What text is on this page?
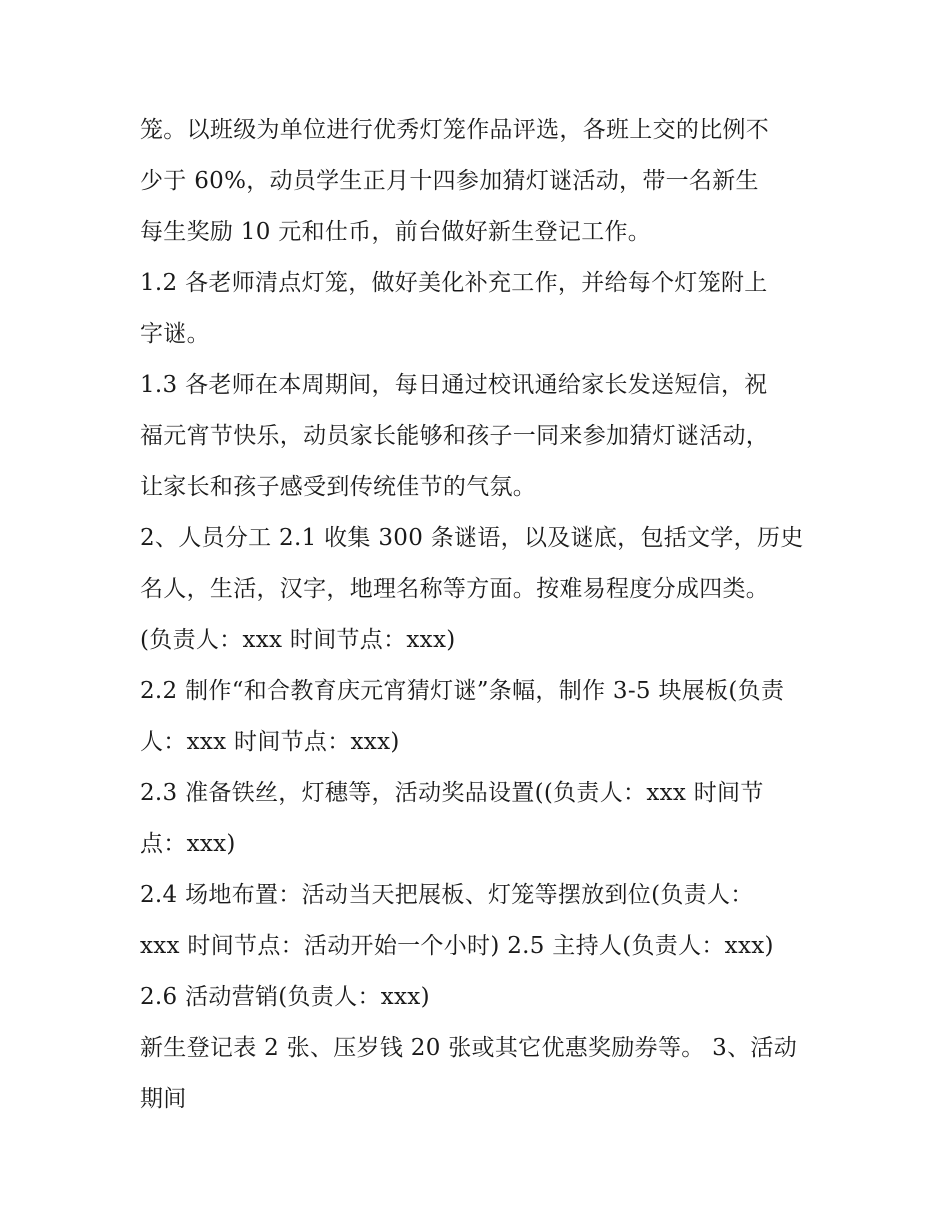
笼。以班级为单位进行优秀灯笼作品评选，各班上交的比例不
少于 60%，动员学生正月十四参加猜灯谜活动，带一名新生
每生奖励 10 元和仕币，前台做好新生登记工作。
1.2 各老师清点灯笼，做好美化补充工作，并给每个灯笼附上
字谜。
1.3 各老师在本周期间，每日通过校讯通给家长发送短信，祝
福元宵节快乐，动员家长能够和孩子一同来参加猜灯谜活动，
让家长和孩子感受到传统佳节的气氛。
2、人员分工 2.1 收集 300 条谜语，以及谜底，包括文学，历史
名人，生活，汉字，地理名称等方面。按难易程度分成四类。
(负责人：xxx 时间节点：xxx)
2.2 制作“和合教育庆元宵猜灯谜”条幅，制作 3-5 块展板(负责
人：xxx 时间节点：xxx)
2.3 准备铁丝，灯穗等，活动奖品设置((负责人：xxx 时间节
点：xxx)
2.4 场地布置：活动当天把展板、灯笼等摆放到位(负责人：
xxx 时间节点：活动开始一个小时) 2.5 主持人(负责人：xxx)
2.6 活动营销(负责人：xxx)
新生登记表 2 张、压岁钱 20 张或其它优惠奖励券等。 3、活动
期间
